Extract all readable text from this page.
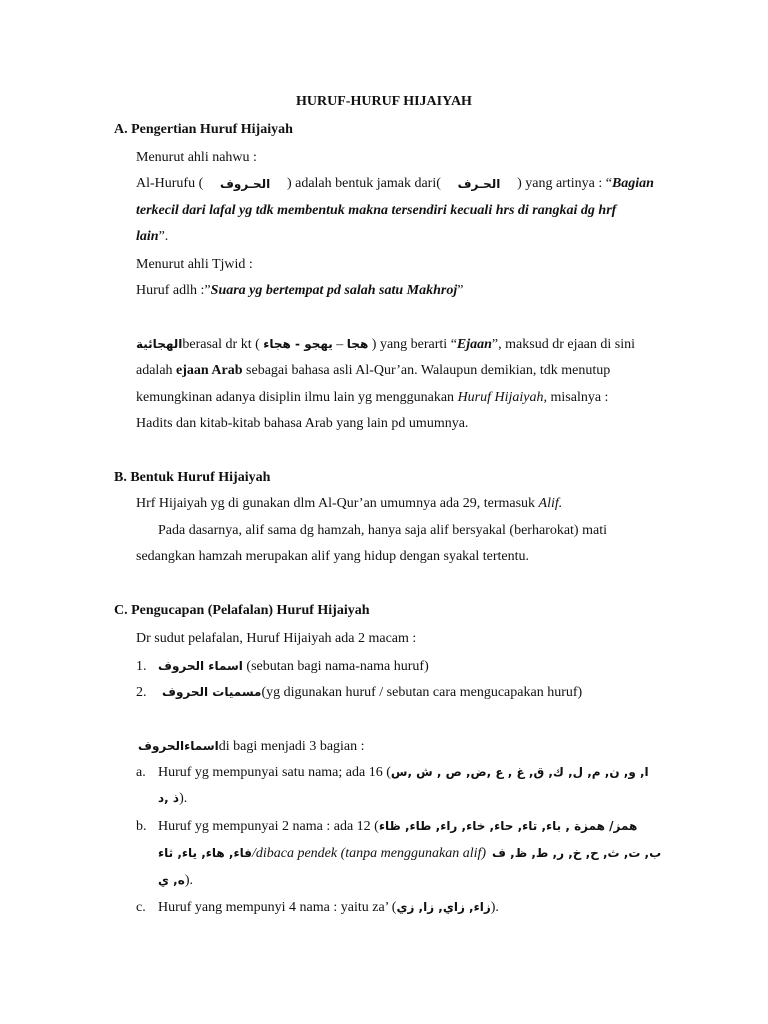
HURUF-HURUF HIJAIYAH
A. Pengertian Huruf Hijaiyah
Menurut ahli nahwu :
Al-Hurufu ( الحـروف ) adalah bentuk jamak dari( الحـرف ) yang artinya : “Bagian
terkecil dari lafal yg tdk membentuk makna tersendiri kecuali hrs di rangkai dg hrf
lain”.
Menurut ahli Tjwid :
Huruf adlh :”Suara yg bertempat pd salah satu Makhroj”
الهجائيةberasal dr kt ( يهجو - هجاء – هجا ) yang berarti “Ejaan”, maksud dr ejaan di sini
adalah ejaan Arab sebagai bahasa asli Al-Qur’an. Walaupun demikian, tdk menutup
kemungkinan adanya disiplin ilmu lain yg menggunakan Huruf Hijaiyah, misalnya :
Hadits dan kitab-kitab bahasa Arab yang lain pd umumnya.
B. Bentuk Huruf Hijaiyah
Hrf Hijaiyah yg di gunakan dlm Al-Qur’an umumnya ada 29, termasuk Alif.
Pada dasarnya, alif sama dg hamzah, hanya saja alif bersyakal (berharokat) mati
sedangkan hamzah merupakan alif yang hidup dengan syakal tertentu.
C. Pengucapan (Pelafalan) Huruf Hijaiyah
Dr sudut pelafalan, Huruf Hijaiyah ada 2 macam :
1. اسماء الحروف (sebutan bagi nama-nama huruf)
2. مسميات الحروف(yg digunakan huruf / sebutan cara mengucapakan huruf)
اسماءالحروفdi bagi menjadi 3 bagian :
a. Huruf yg mempunyai satu nama; ada 16 (ا, و, ن, م, ل, ك, ق, غ , ع ,ض, ص , ش ,س
ذ ,د).
b. Huruf yg mempunyai 2 nama : ada 12 (همز/ همزة , باء, تاء, حاء, خاء, راء, طاء, ظاء
فاء, هاء, ياء, ثاء/dibaca pendek (tanpa menggunakan alif) ب, ت, ث, ح, خ, ر, ط, ظ, ف
ه, ي).
c. Huruf yang mempunyi 4 nama : yaitu za’ (زاء, زاي, زا, زي).
